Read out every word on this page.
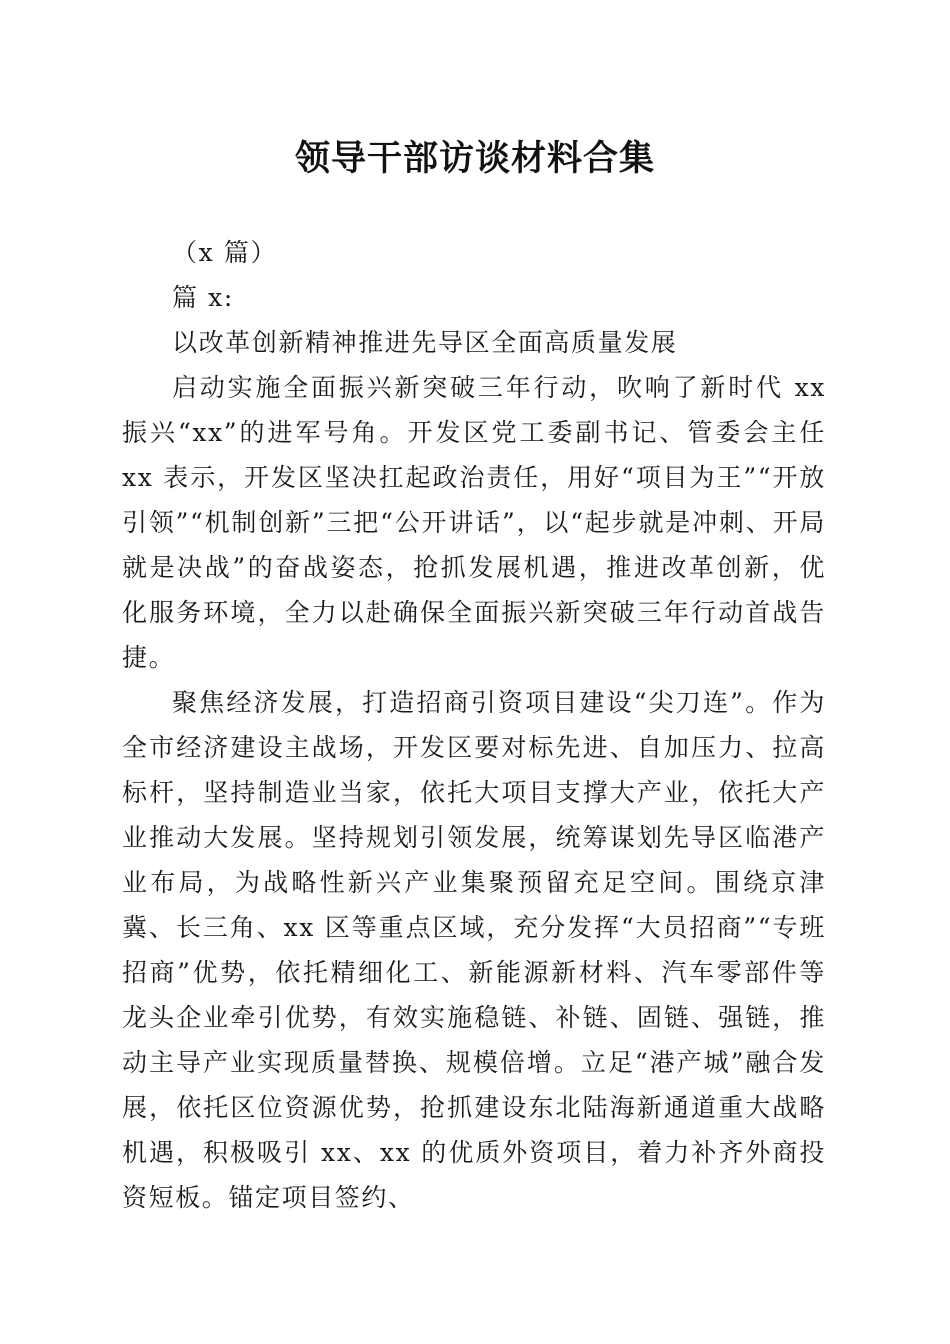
领导干部访谈材料合集

（x 篇）

篇 x:

以改革创新精神推进先导区全面高质量发展

启动实施全面振兴新突破三年行动，吹响了新时代 xx 振兴“xx”的进军号角。开发区党工委副书记、管委会主任 xx 表示，开发区坚决扛起政治责任，用好“项目为王”“开放引领”“机制创新”三把“公开讲话”，以“起步就是冲刺、开局就是决战”的奋战姿态，抢抓发展机遇，推进改革创新，优化服务环境，全力以赴确保全面振兴新突破三年行动首战告捷。

聚焦经济发展，打造招商引资项目建设“尖刀连”。作为全市经济建设主战场，开发区要对标先进、自加压力、拉高标杆，坚持制造业当家，依托大项目支撑大产业，依托大产业推动大发展。坚持规划引领发展，统筹谋划先导区临港产业布局，为战略性新兴产业集聚预留充足空间。围绕京津冀、长三角、xx 区等重点区域，充分发挥“大员招商”“专班招商”优势，依托精细化工、新能源新材料、汽车零部件等龙头企业牵引优势，有效实施稳链、补链、固链、强链，推动主导产业实现质量替换、规模倍增。立足“港产城”融合发展，依托区位资源优势，抢抓建设东北陆海新通道重大战略机遇，积极吸引 xx、xx 的优质外资项目，着力补齐外商投资短板。锚定项目签约、
